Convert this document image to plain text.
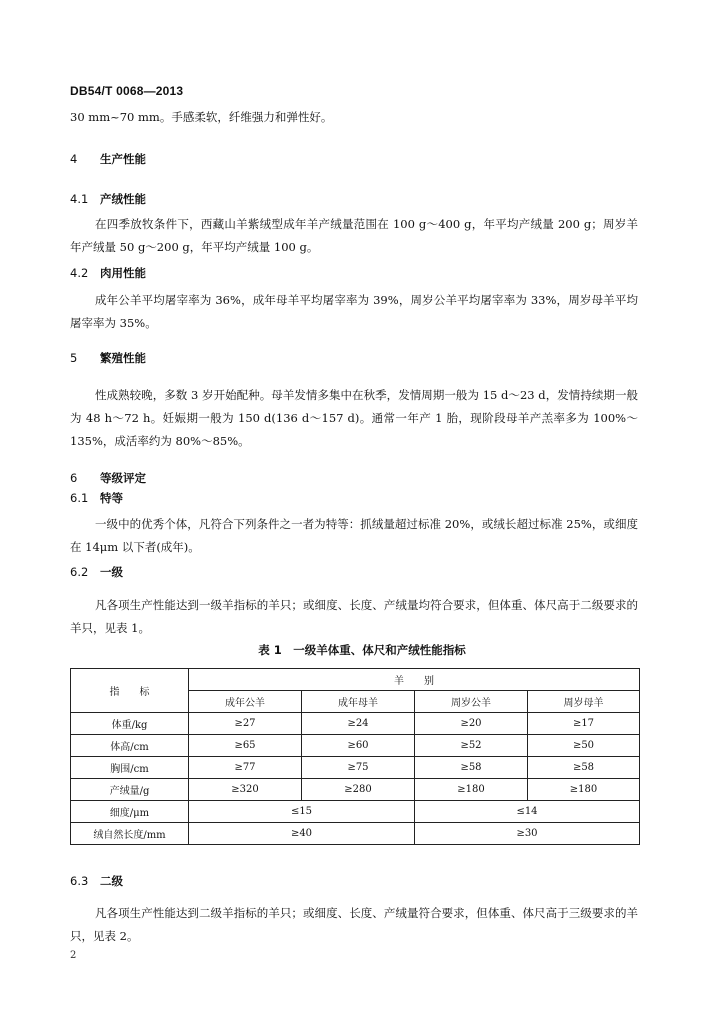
DB54/T 0068—2013
30 mm~70 mm。手感柔软，纤维强力和弹性好。
4 生产性能
4.1 产绒性能
在四季放牧条件下，西藏山羊紫绒型成年羊产绒量范围在 100 g～400 g，年平均产绒量 200 g；周岁羊年产绒量 50 g～200 g，年平均产绒量 100 g。
4.2 肉用性能
成年公羊平均屠宰率为 36%，成年母羊平均屠宰率为 39%，周岁公羊平均屠宰率为 33%，周岁母羊平均屠宰率为 35%。
5 繁殖性能
性成熟较晚，多数 3 岁开始配种。母羊发情多集中在秋季，发情周期一般为 15 d～23 d，发情持续期一般为 48 h～72 h。妊娠期一般为 150 d(136 d～157 d)。通常一年产 1 胎，现阶段母羊产羔率多为 100%～135%，成活率约为 80%～85%。
6 等级评定
6.1 特等
一级中的优秀个体，凡符合下列条件之一者为特等：抓绒量超过标准 20%，或绒长超过标准 25%，或细度在 14μm 以下者(成年)。
6.2 一级
凡各项生产性能达到一级羊指标的羊只；或细度、长度、产绒量均符合要求，但体重、体尺高于二级要求的羊只，见表 1。
表 1　一级羊体重、体尺和产绒性能指标
指　　标	羊　　别			
	成年公羊	成年母羊	周岁公羊	周岁母羊
体重/kg	≥27	≥24	≥20	≥17
体高/cm	≥65	≥60	≥52	≥50
胸围/cm	≥77	≥75	≥58	≥58
产绒量/g	≥320	≥280	≥180	≥180
细度/μm	≤15		≤14	
绒自然长度/mm	≥40		≥30	
6.3 二级
凡各项生产性能达到二级羊指标的羊只；或细度、长度、产绒量符合要求，但体重、体尺高于三级要求的羊只，见表 2。
2
